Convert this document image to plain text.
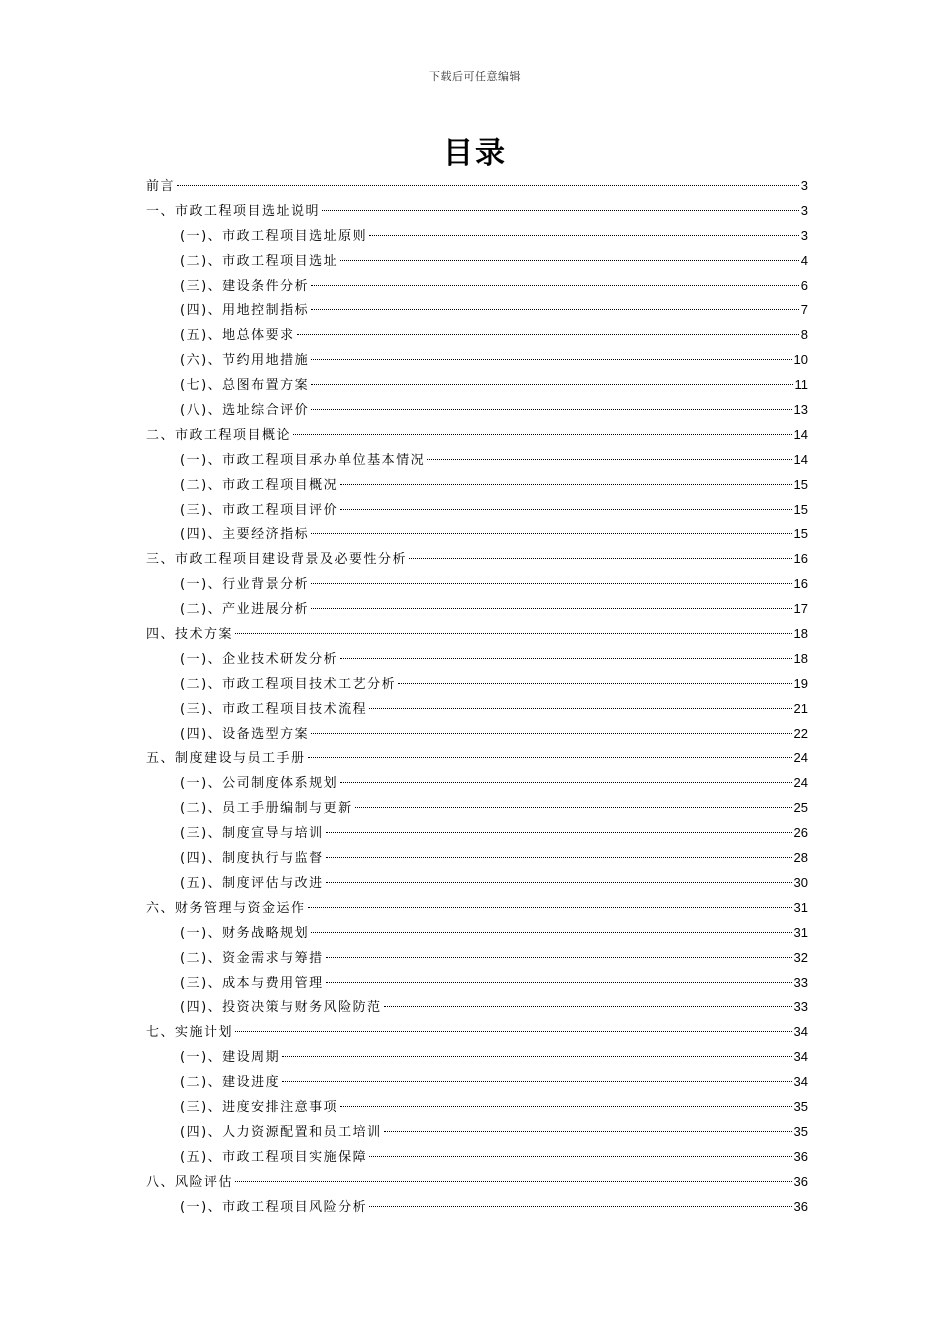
下载后可任意编辑
目录
前言	3
一、市政工程项目选址说明	3
(一)、市政工程项目选址原则	3
(二)、市政工程项目选址	4
(三)、建设条件分析	6
(四)、用地控制指标	7
(五)、地总体要求	8
(六)、节约用地措施	10
(七)、总图布置方案	11
(八)、选址综合评价	13
二、市政工程项目概论	14
(一)、市政工程项目承办单位基本情况	14
(二)、市政工程项目概况	15
(三)、市政工程项目评价	15
(四)、主要经济指标	15
三、市政工程项目建设背景及必要性分析	16
(一)、行业背景分析	16
(二)、产业进展分析	17
四、技术方案	18
(一)、企业技术研发分析	18
(二)、市政工程项目技术工艺分析	19
(三)、市政工程项目技术流程	21
(四)、设备选型方案	22
五、制度建设与员工手册	24
(一)、公司制度体系规划	24
(二)、员工手册编制与更新	25
(三)、制度宣导与培训	26
(四)、制度执行与监督	28
(五)、制度评估与改进	30
六、财务管理与资金运作	31
(一)、财务战略规划	31
(二)、资金需求与筹措	32
(三)、成本与费用管理	33
(四)、投资决策与财务风险防范	33
七、实施计划	34
(一)、建设周期	34
(二)、建设进度	34
(三)、进度安排注意事项	35
(四)、人力资源配置和员工培训	35
(五)、市政工程项目实施保障	36
八、风险评估	36
(一)、市政工程项目风险分析	36
